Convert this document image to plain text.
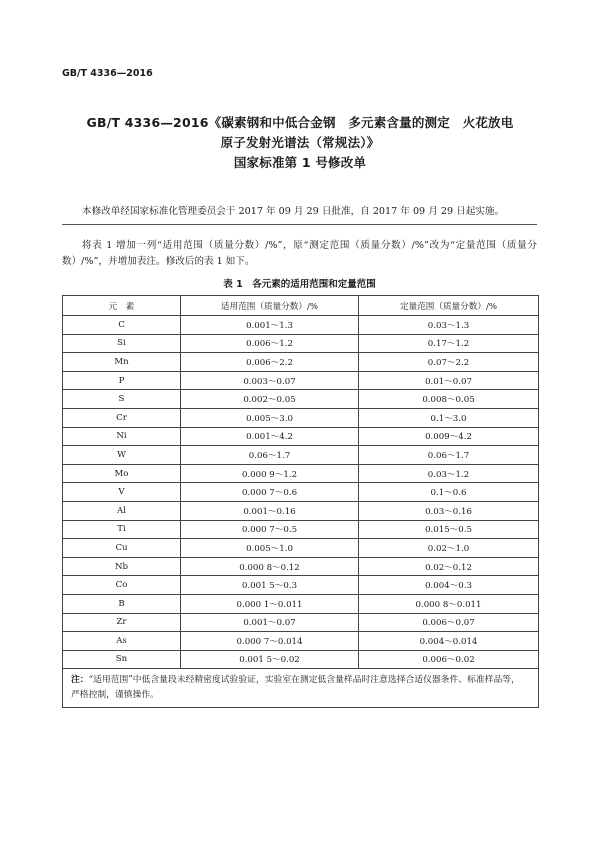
GB/T 4336—2016
GB/T 4336—2016《碳素钢和中低合金钢　多元素含量的测定　火花放电
原子发射光谱法（常规法）》
国家标准第 1 号修改单
本修改单经国家标准化管理委员会于 2017 年 09 月 29 日批准，自 2017 年 09 月 29 日起实施。
将表 1 增加一列“适用范围（质量分数）/%”，原“测定范围（质量分数）/%”改为“定量范围（质量分数）/%”，并增加表注。修改后的表 1 如下。
表 1　各元素的适用范围和定量范围
元　素	适用范围（质量分数）/%	定量范围（质量分数）/%
C	0.001～1.3	0.03～1.3
Si	0.006～1.2	0.17～1.2
Mn	0.006～2.2	0.07～2.2
P	0.003～0.07	0.01～0.07
S	0.002～0.05	0.008～0.05
Cr	0.005～3.0	0.1～3.0
Ni	0.001～4.2	0.009～4.2
W	0.06～1.7	0.06～1.7
Mo	0.000 9～1.2	0.03～1.2
V	0.000 7～0.6	0.1～0.6
Al	0.001～0.16	0.03～0.16
Ti	0.000 7～0.5	0.015～0.5
Cu	0.005～1.0	0.02～1.0
Nb	0.000 8～0.12	0.02～0.12
Co	0.001 5～0.3	0.004～0.3
B	0.000 1～0.011	0.000 8～0.011
Zr	0.001～0.07	0.006～0.07
As	0.000 7～0.014	0.004～0.014
Sn	0.001 5～0.02	0.006～0.02
注：“适用范围”中低含量段未经精密度试验验证，实验室在测定低含量样品时注意选择合适仪器条件、标准样品等，严格控制，谨慎操作。		
